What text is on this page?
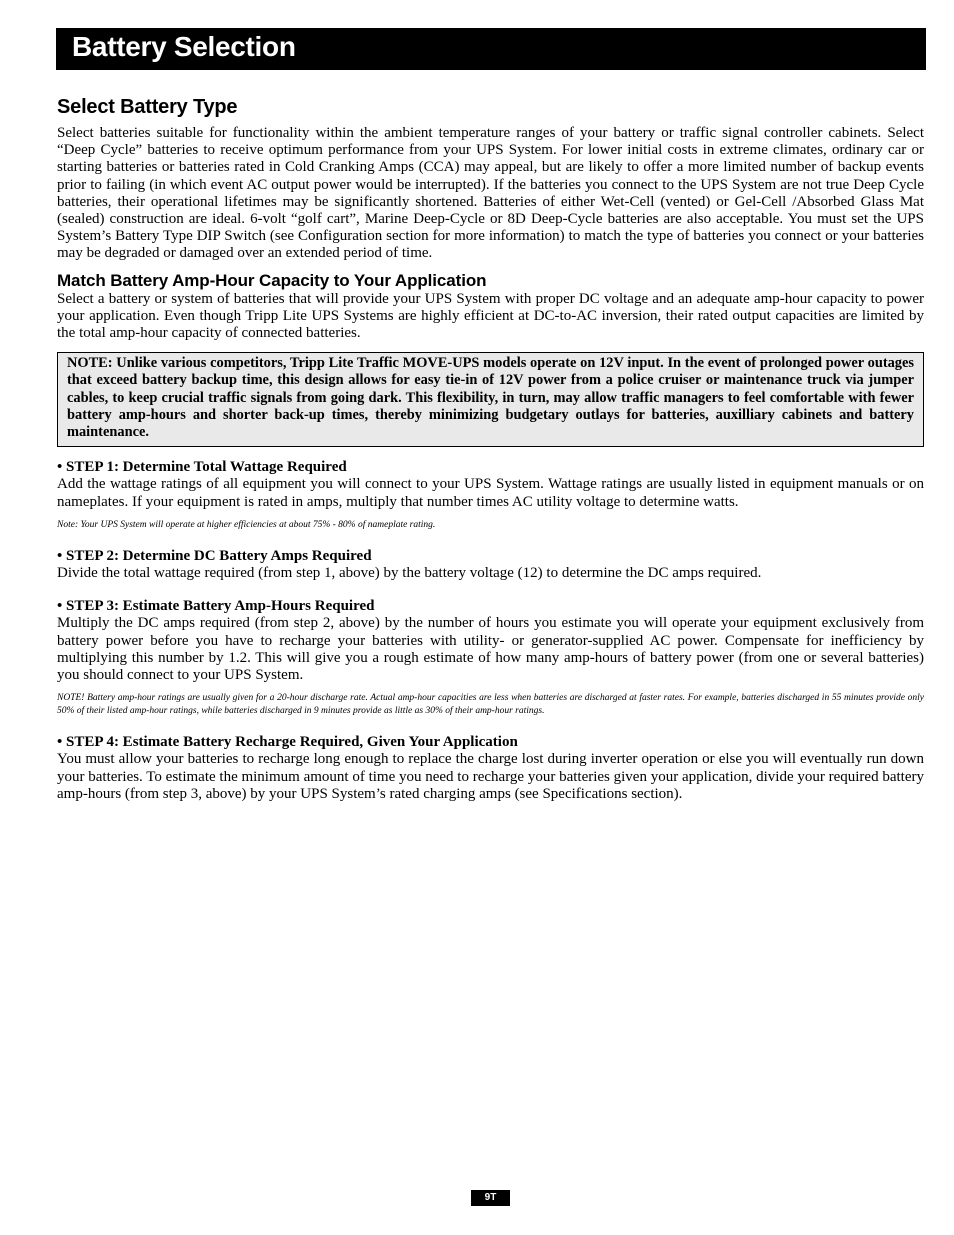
Battery Selection
Select Battery Type

Select batteries suitable for functionality within the ambient temperature ranges of your battery or traffic signal controller cabinets. Select “Deep Cycle” batteries to receive optimum performance from your UPS System. For lower initial costs in extreme climates, ordinary car or starting batteries or batteries rated in Cold Cranking Amps (CCA) may appeal, but are likely to offer a more limited number of backup events prior to failing (in which event AC output power would be interrupted). If the batteries you connect to the UPS System are not true Deep Cycle batteries, their operational lifetimes may be significantly shortened. Batteries of either Wet-Cell (vented) or Gel-Cell /Absorbed Glass Mat (sealed) construction are ideal. 6-volt “golf cart”, Marine Deep-Cycle or 8D Deep-Cycle batteries are also acceptable. You must set the UPS System’s Battery Type DIP Switch (see Configuration section for more information) to match the type of batteries you connect or your batteries may be degraded or damaged over an extended period of time.

Match Battery Amp-Hour Capacity to Your Application

Select a battery or system of batteries that will provide your UPS System with proper DC voltage and an adequate amp-hour capacity to power your application. Even though Tripp Lite UPS Systems are highly efficient at DC-to-AC inversion, their rated output capacities are limited by the total amp-hour capacity of connected batteries.

NOTE: Unlike various competitors, Tripp Lite Traffic MOVE-UPS models operate on 12V input. In the event of prolonged power outages that exceed battery backup time, this design allows for easy tie-in of 12V power from a police cruiser or maintenance truck via jumper cables, to keep crucial traffic signals from going dark. This flexibility, in turn, may allow traffic managers to feel comfortable with fewer battery amp-hours and shorter back-up times, thereby minimizing budgetary outlays for batteries, auxilliary cabinets and battery maintenance.

• STEP 1: Determine Total Wattage Required

Add the wattage ratings of all equipment you will connect to your UPS System. Wattage ratings are usually listed in equipment manuals or on nameplates. If your equipment is rated in amps, multiply that number times AC utility voltage to determine watts.

Note: Your UPS System will operate at higher efficiencies at about 75% - 80% of nameplate rating.
• STEP 2: Determine DC Battery Amps Required

Divide the total wattage required (from step 1, above) by the battery voltage (12) to determine the DC amps required.

• STEP 3: Estimate Battery Amp-Hours Required

Multiply the DC amps required (from step 2, above) by the number of hours you estimate you will operate your equipment exclusively from battery power before you have to recharge your batteries with utility- or generator-supplied AC power. Compensate for inefficiency by multiplying this number by 1.2. This will give you a rough estimate of how many amp-hours of battery power (from one or several batteries) you should connect to your UPS System.

NOTE! Battery amp-hour ratings are usually given for a 20-hour discharge rate. Actual amp-hour capacities are less when batteries are discharged at faster rates. For example, batteries discharged in 55 minutes provide only 50% of their listed amp-hour ratings, while batteries discharged in 9 minutes provide as little as 30% of their amp-hour ratings.
• STEP 4: Estimate Battery Recharge Required, Given Your Application

You must allow your batteries to recharge long enough to replace the charge lost during inverter operation or else you will eventually run down your batteries. To estimate the minimum amount of time you need to recharge your batteries given your application, divide your required battery amp-hours (from step 3, above) by your UPS System’s rated charging amps (see Specifications section).

9T
